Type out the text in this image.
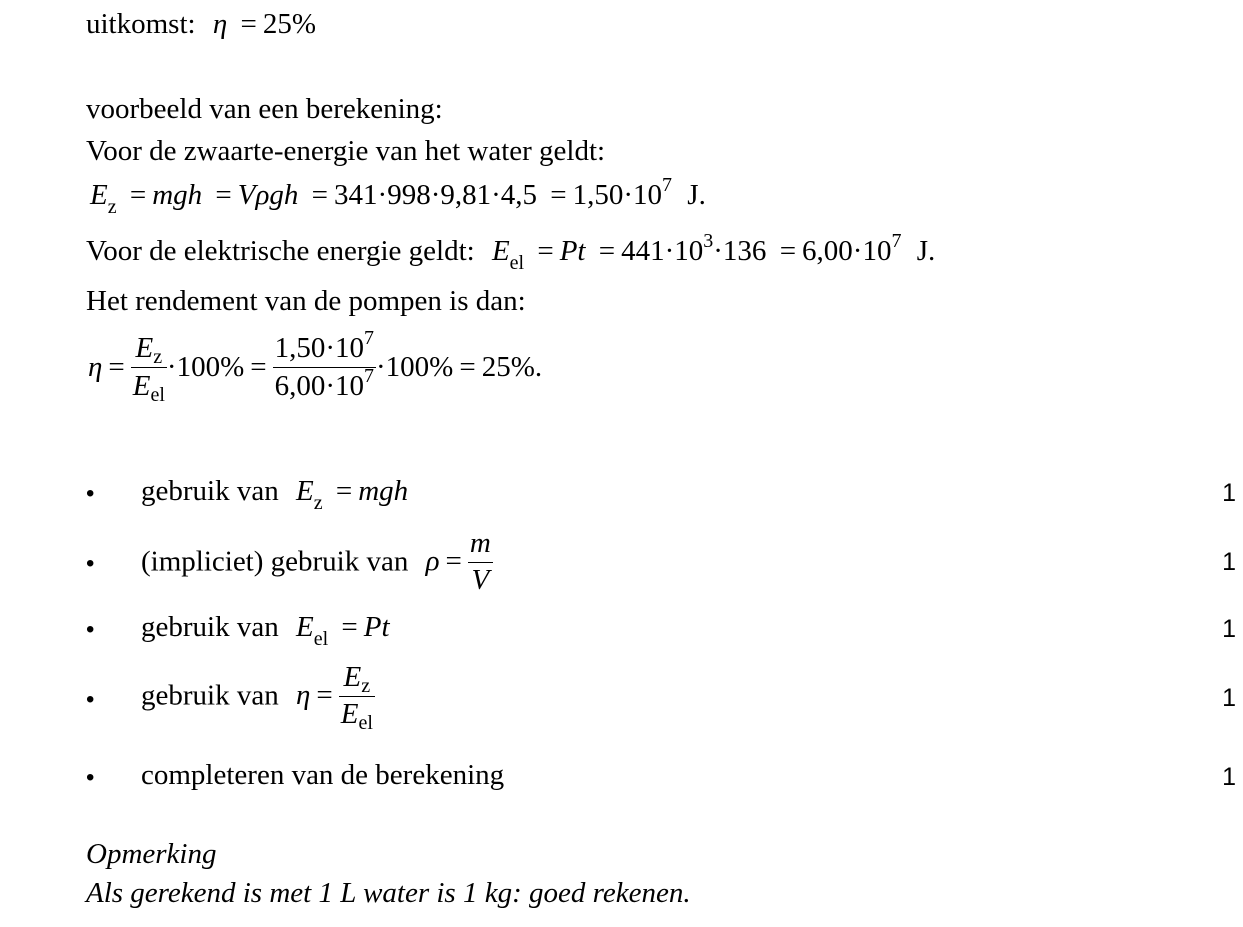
uitkomst: η = 25%
voorbeeld van een berekening:
Voor de zwaarte-energie van het water geldt:
$E_z$ = mgh = $V\rho gh = 341\cdot 998\cdot 9,81\cdot 4,5 = 1,50\cdot 10^7$ J.
Voor de elektrische energie geldt: $E_{el} = Pt = 441\cdot 10^3\cdot 136 = 6,00\cdot 10^7$ J.
Het rendement van de pompen is dan:
$\eta = \frac{E_z}{E_{el}} \cdot 100\% = \frac{1,50\cdot 10^7}{6,00\cdot 10^7} \cdot 100\% = 25\%$.
• gebruik van $E_z$ = mgh	1
• (impliciet) gebruik van $\rho = \frac{m}{V}$	1
• gebruik van $E_{el} = Pt$	1
• gebruik van $\eta = \frac{E_z}{E_{el}}$	1
• completeren van de berekening	1
Opmerking
Als gerekend is met 1 L water is 1 kg: goed rekenen.
